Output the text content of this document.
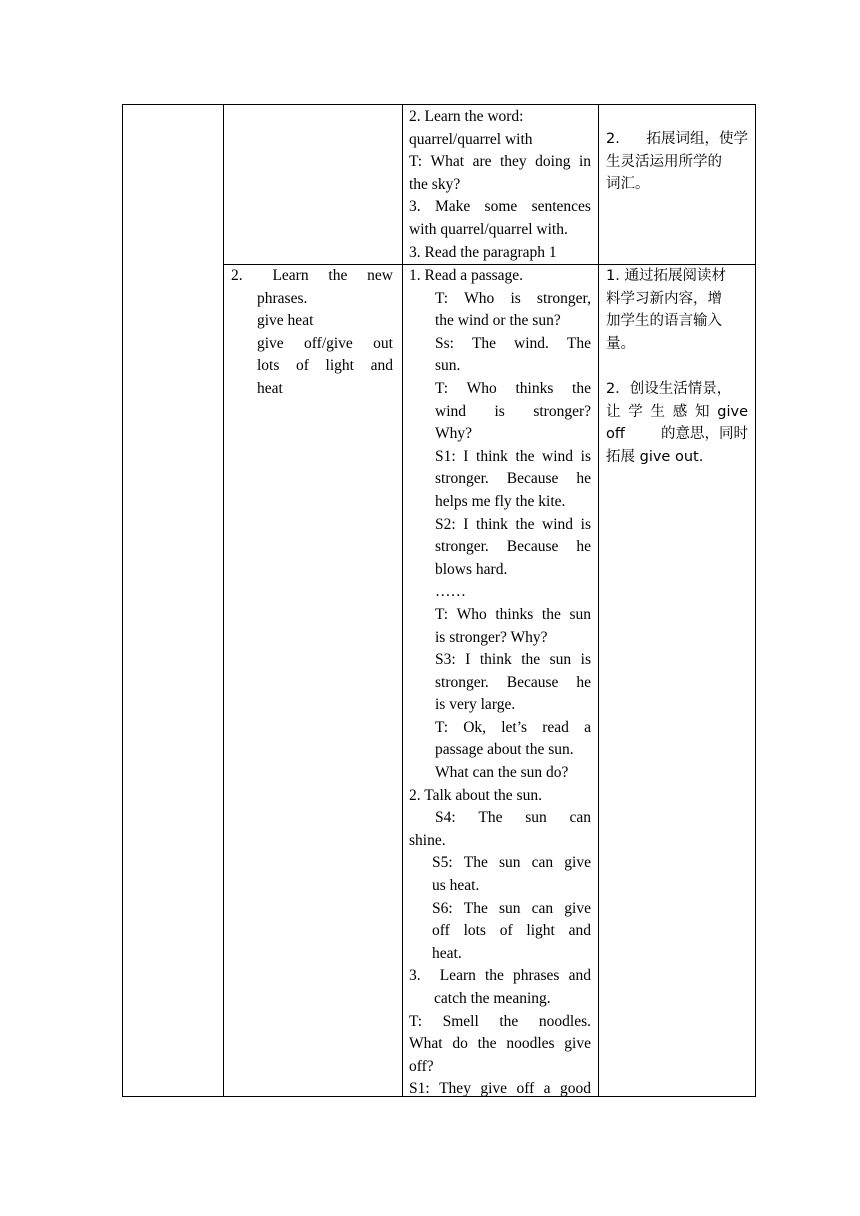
2. Learn the word:
quarrel/quarrel with
T: What are they doing in
the sky?
3. Make some sentences
with quarrel/quarrel with.
3. Read the paragraph 1
2. 拓展词组，使学
生灵活运用所学的
词汇。
2. Learn the new
phrases.
give heat
give off/give out
lots of light and
heat
1. Read a passage.
T: Who is stronger,
the wind or the sun?
Ss: The wind. The
sun.
T: Who thinks the
wind is stronger?
Why?
S1: I think the wind is
stronger. Because he
helps me fly the kite.
S2: I think the wind is
stronger. Because he
blows hard.
……
T: Who thinks the sun
is stronger? Why?
S3: I think the sun is
stronger. Because he
is very large.
T: Ok, let’s read a
passage about the sun.
What can the sun do?
2. Talk about the sun.
S4: The sun can
shine.
S5: The sun can give
us heat.
S6: The sun can give
off lots of light and
heat.
3. Learn the phrases and
catch the meaning.
T: Smell the noodles.
What do the noodles give
off?
S1: They give off a good
1. 通过拓展阅读材
料学习新内容，增
加学生的语言输入
量。
2．创设生活情景，
让 学 生 感 知 give
off 的意思，同时
拓展 give out.
